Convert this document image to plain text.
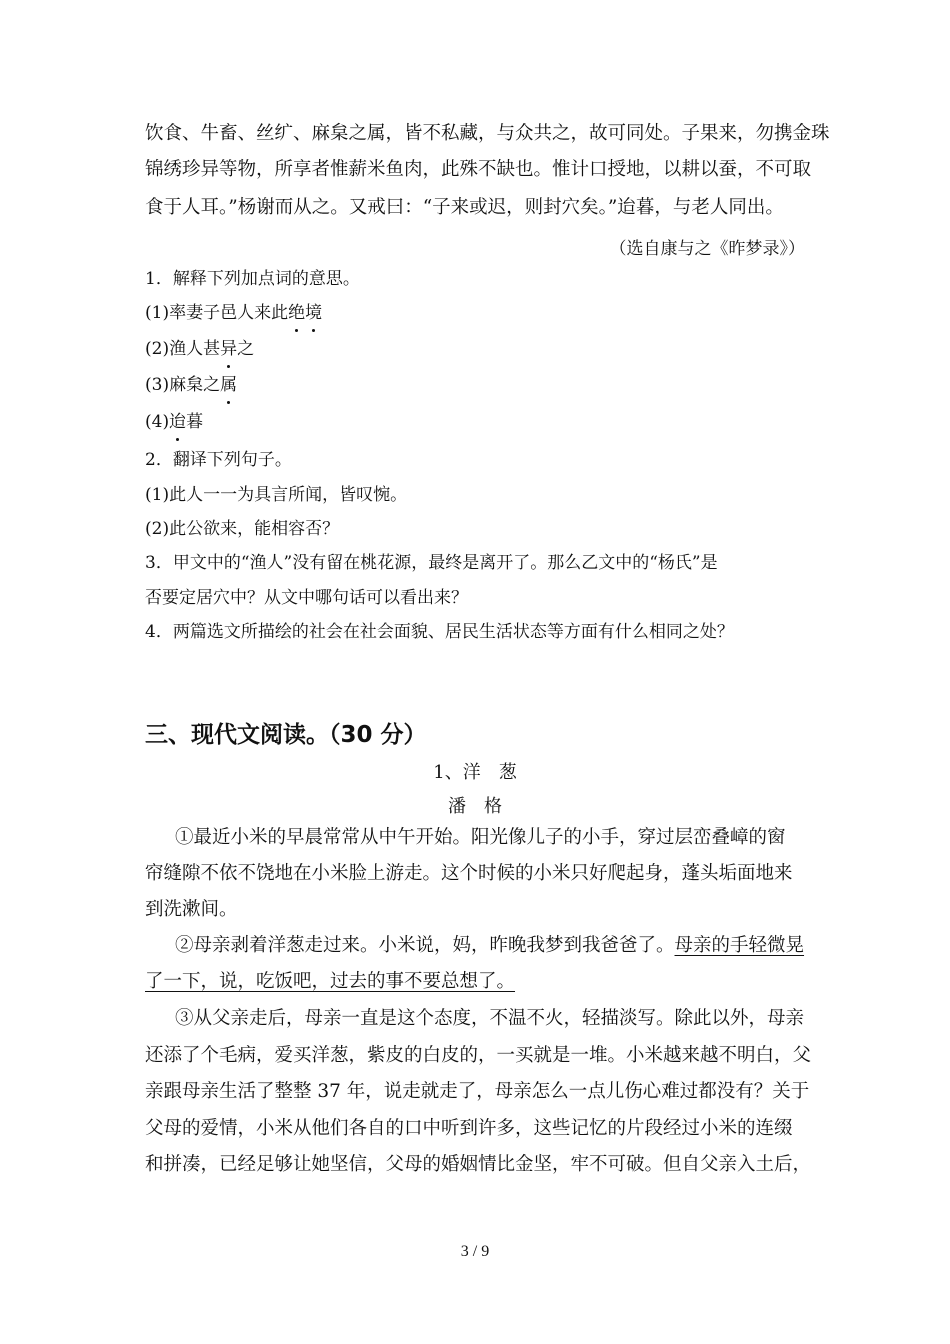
饮食、牛畜、丝纩、麻枲之属，皆不私藏，与众共之，故可同处。子果来，勿携金珠
锦绣珍异等物，所享者惟薪米鱼肉，此殊不缺也。惟计口授地，以耕以蚕，不可取
食于人耳。”杨谢而从之。又戒曰：“子来或迟，则封穴矣。”迨暮，与老人同出。
（选自康与之《昨梦录》）
1．解释下列加点词的意思。
(1)率妻子邑人来此绝境
(2)渔人甚异之
(3)麻枲之属
(4)迨暮
2．翻译下列句子。
(1)此人一一为具言所闻，皆叹惋。
(2)此公欲来，能相容否？
3．甲文中的“渔人”没有留在桃花源，最终是离开了。那么乙文中的“杨氏”是
否要定居穴中？从文中哪句话可以看出来？
4．两篇选文所描绘的社会在社会面貌、居民生活状态等方面有什么相同之处？
三、现代文阅读。（30 分）
1、洋　葱
潘　格
①最近小米的早晨常常从中午开始。阳光像儿子的小手，穿过层峦叠嶂的窗
帘缝隙不依不饶地在小米脸上游走。这个时候的小米只好爬起身，蓬头垢面地来
到洗漱间。
②母亲剥着洋葱走过来。小米说，妈，昨晚我梦到我爸爸了。母亲的手轻微晃
了一下，说，吃饭吧，过去的事不要总想了。
③从父亲走后，母亲一直是这个态度，不温不火，轻描淡写。除此以外，母亲
还添了个毛病，爱买洋葱，紫皮的白皮的，一买就是一堆。小米越来越不明白，父
亲跟母亲生活了整整 37 年，说走就走了，母亲怎么一点儿伤心难过都没有？关于
父母的爱情，小米从他们各自的口中听到许多，这些记忆的片段经过小米的连缀
和拼凑，已经足够让她坚信，父母的婚姻情比金坚，牢不可破。但自父亲入土后，
3 / 9
